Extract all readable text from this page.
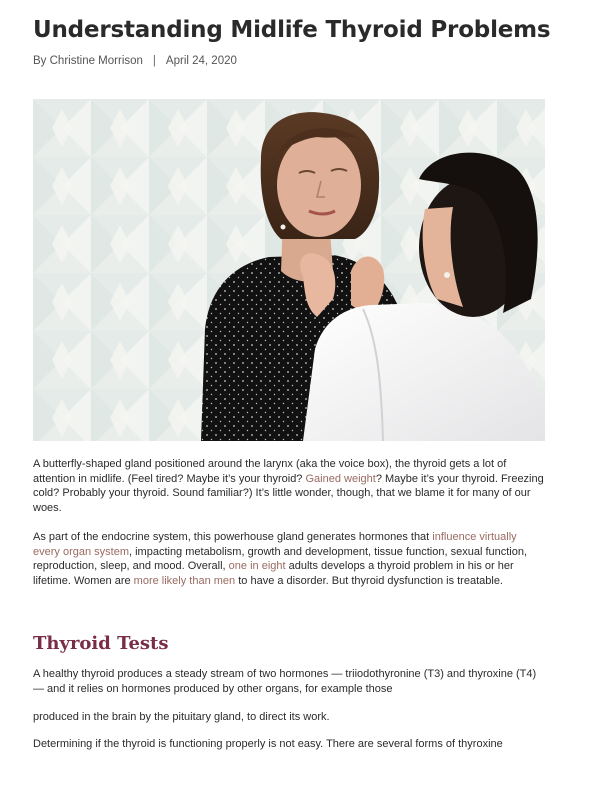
Understanding Midlife Thyroid Problems
By Christine Morrison | April 24, 2020

A butterfly-shaped gland positioned around the larynx (aka the voice box), the thyroid gets a lot of attention in midlife. (Feel tired? Maybe it’s your thyroid? Gained weight? Maybe it’s your thyroid. Freezing cold? Probably your thyroid. Sound familiar?) It’s little wonder, though, that we blame it for many of our woes.

As part of the endocrine system, this powerhouse gland generates hormones that influence virtually every organ system, impacting metabolism, growth and development, tissue function, sexual function, reproduction, sleep, and mood. Overall, one in eight adults develops a thyroid problem in his or her lifetime. Women are more likely than men to have a disorder. But thyroid dysfunction is treatable.

Thyroid Tests

A healthy thyroid produces a steady stream of two hormones — triiodothyronine (T3) and thyroxine (T4) — and it relies on hormones produced by other organs, for example those

produced in the brain by the pituitary gland, to direct its work.

Determining if the thyroid is functioning properly is not easy. There are several forms of thyroxine
